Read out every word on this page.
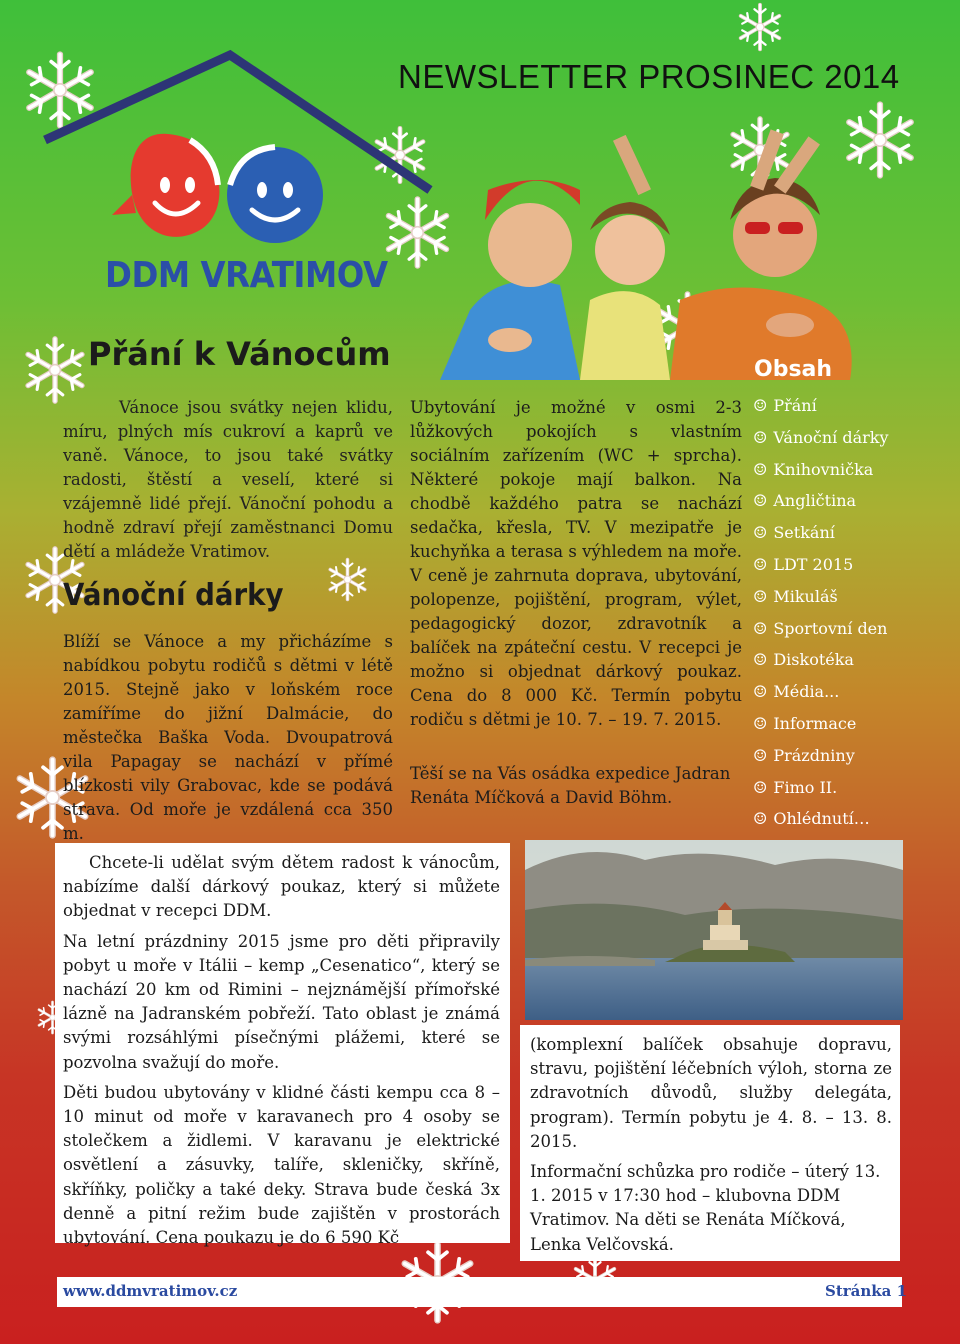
DDM VRATIMOV
NEWSLETTER PROSINEC 2014
Přání k Vánocům

Vánoce jsou svátky nejen klidu, míru, plných mís cukroví a kaprů ve vaně. Vánoce, to jsou také svátky radosti, štěstí a veselí, které si vzájemně lidé přejí. Vánoční pohodu a hodně zdraví přejí zaměstnanci Domu dětí a mládeže Vratimov.

Vánoční dárky

Blíží se Vánoce a my přicházíme s nabídkou pobytu rodičů s dětmi v létě 2015. Stejně jako v loňském roce zamíříme do jižní Dalmácie, do městečka Baška Voda. Dvoupatrová vila Papagay se nachází v přímé blízkosti vily Grabovac, kde se podává strava. Od moře je vzdálená cca 350 m.

Ubytování je možné v osmi 2-3 lůžkových pokojích s vlastním sociálním zařízením (WC + sprcha). Některé pokoje mají balkon. Na chodbě každého patra se nachází sedačka, křesla, TV. V mezipatře je kuchyňka a terasa s výhledem na moře. V ceně je zahrnuta doprava, ubytování, polopenze, pojištění, program, výlet, pedagogický dozor, zdravotník a balíček na zpáteční cestu. V recepci je možno si objednat dárkový poukaz. Cena do 8 000 Kč. Termín pobytu rodiču s dětmi je 10. 7. – 19. 7. 2015.

Těší se na Vás osádka expedice Jadran Renáta Míčková a David Böhm.

Obsah
☺ Přání
☺ Vánoční dárky
☺ Knihovnička
☺ Angličtina
☺ Setkání
☺ LDT 2015
☺ Mikuláš
☺ Sportovní den
☺ Diskotéka
☺ Média...
☺ Informace
☺ Prázdniny
☺ Fimo II.
☺ Ohlédnutí…

Chcete-li udělat svým dětem radost k vánocům, nabízíme další dárkový poukaz, který si můžete objednat v recepci DDM.

Na letní prázdniny 2015 jsme pro děti připravily pobyt u moře v Itálii – kemp „Cesenatico“, který se nachází 20 km od Rimini – nejznámější přímořské lázně na Jadranském pobřeží. Tato oblast je známá svými rozsáhlými písečnými plážemi, které se pozvolna svažují do moře.

Děti budou ubytovány v klidné části kempu cca 8 – 10 minut od moře v karavanech pro 4 osoby se stolečkem a židlemi. V karavanu je elektrické osvětlení a zásuvky, talíře, skleničky, skříně, skříňky, poličky a také deky. Strava bude česká 3x denně a pitní režim bude zajištěn v prostorách ubytování. Cena poukazu je do 6 590 Kč

(komplexní balíček obsahuje dopravu, stravu, pojištění léčebních výloh, storna ze zdravotních důvodů, služby delegáta, program). Termín pobytu je 4. 8. – 13. 8. 2015.

Informační schůzka pro rodiče – úterý 13. 1. 2015 v 17:30 hod – klubovna DDM Vratimov. Na děti se Renáta Míčková, Lenka Velčovská.

www.ddmvratimov.cz	Stránka 1
